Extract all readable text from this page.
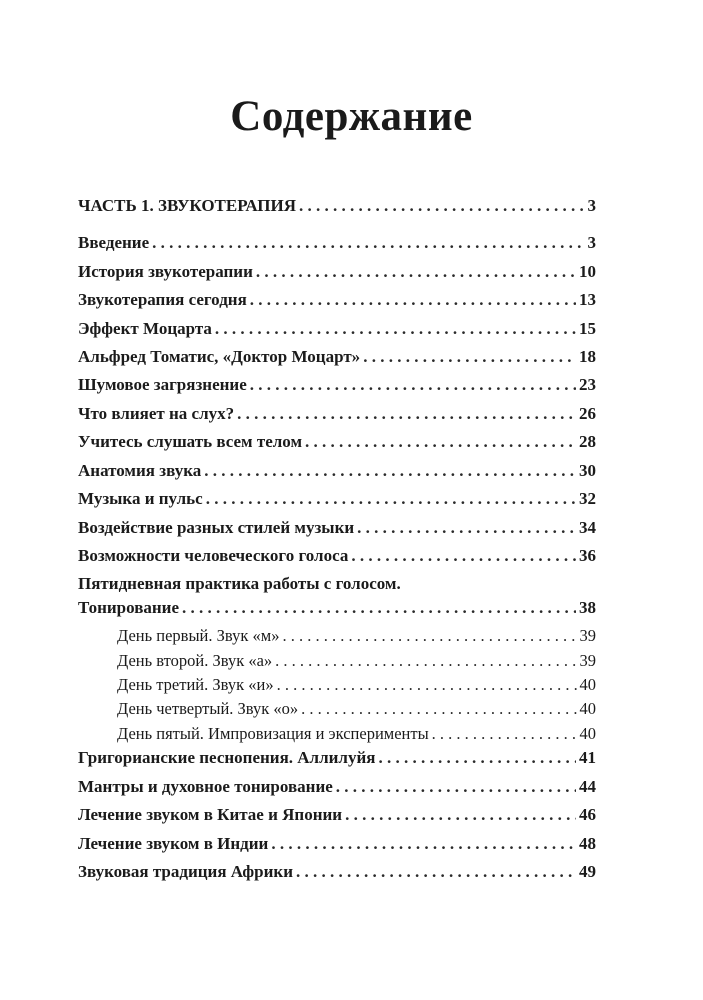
Содержание
ЧАСТЬ 1. ЗВУКОТЕРАПИЯ . . .	3
Введение . . .	3
История звукотерапии . . .	10
Звукотерапия сегодня . . .	13
Эффект Моцарта . . .	15
Альфред Томатис, «Доктор Моцарт» . . .	18
Шумовое загрязнение . . .	23
Что влияет на слух? . . .	26
Учитесь слушать всем телом . . .	28
Анатомия звука . . .	30
Музыка и пульс . . .	32
Воздействие разных стилей музыки . . .	34
Возможности человеческого голоса . . .	36
Пятидневная практика работы с голосом.
Тонирование . . .	38
День первый. Звук «м» . . .	39
День второй. Звук «а» . . .	39
День третий. Звук «и» . . .	40
День четвертый. Звук «о» . . .	40
День пятый. Импровизация и эксперименты . . .	40
Григорианские песнопения. Аллилуйя . . .	41
Мантры и духовное тонирование . . .	44
Лечение звуком в Китае и Японии . . .	46
Лечение звуком в Индии . . .	48
Звуковая традиция Африки . . .	49
